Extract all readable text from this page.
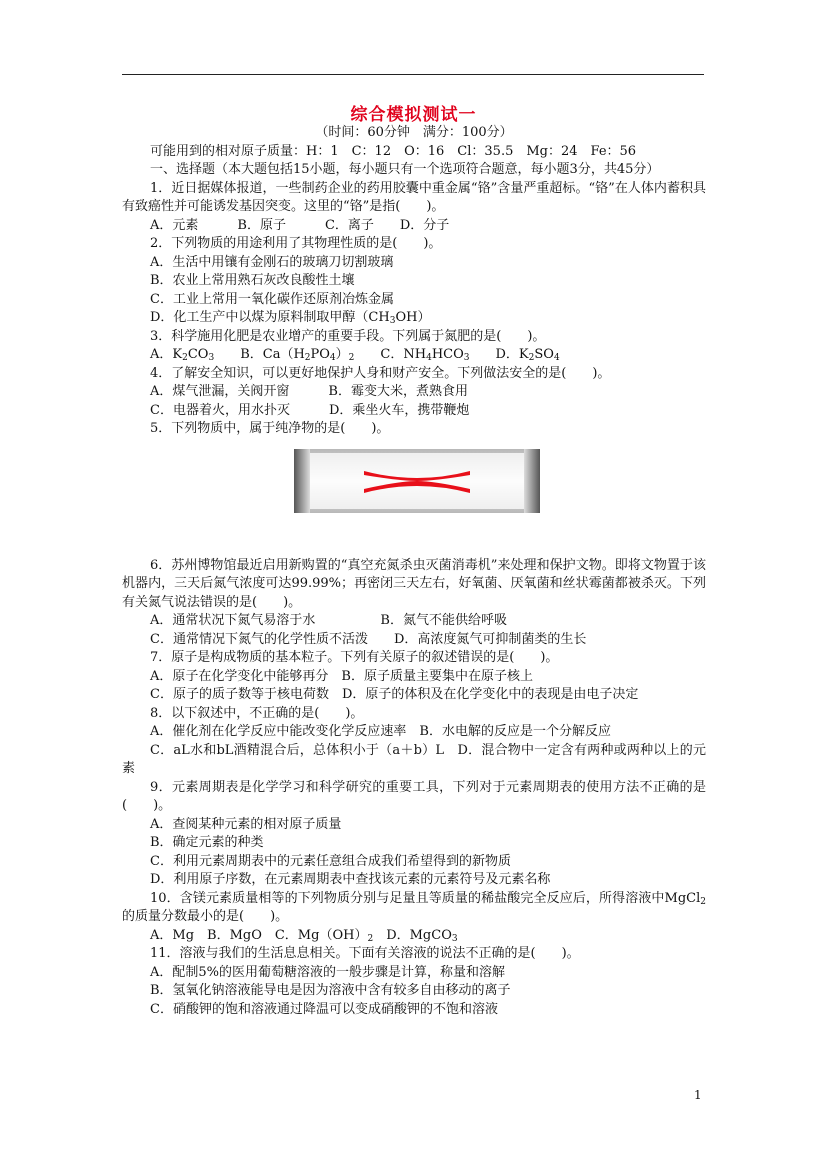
综合模拟测试一

（时间：60分钟　满分：100分）

可能用到的相对原子质量：H：1　C：12　O：16　Cl：35.5　Mg：24　Fe：56

一、选择题（本大题包括15小题，每小题只有一个选项符合题意，每小题3分，共45分）

1．近日据媒体报道，一些制药企业的药用胶囊中重金属“铬”含量严重超标。“铬”在人体内蓄积具有致癌性并可能诱发基因突变。这里的“铬”是指(　　)。

A．元素　　　B．原子　　　C．离子　　D．分子

2．下列物质的用途利用了其物理性质的是(　　)。

A．生活中用镶有金刚石的玻璃刀切割玻璃

B．农业上常用熟石灰改良酸性土壤

C．工业上常用一氧化碳作还原剂冶炼金属

D．化工生产中以煤为原料制取甲醇$(CH_3OH)$

3．科学施用化肥是农业增产的重要手段。下列属于氮肥的是(　　)。

A．$K_2CO_3$　　B．$Ca(H_2PO_4)_2$　　C．$NH_4HCO_3$　　D．$K_2SO_4$

4．了解安全知识，可以更好地保护人身和财产安全。下列做法安全的是(　　)。

A．煤气泄漏，关阀开窗　　　B．霉变大米，煮熟食用

C．电器着火，用水扑灭　　　D．乘坐火车，携带鞭炮

5．下列物质中，属于纯净物的是(　　)。

6．苏州博物馆最近启用新购置的“真空充氮杀虫灭菌消毒机”来处理和保护文物。即将文物置于该机器内，三天后氮气浓度可达99.99%；再密闭三天左右，好氧菌、厌氧菌和丝状霉菌都被杀灭。下列有关氮气说法错误的是(　　)。

A．通常状况下氮气易溶于水　　　　　B．氮气不能供给呼吸

C．通常情况下氮气的化学性质不活泼　　D．高浓度氮气可抑制菌类的生长

7．原子是构成物质的基本粒子。下列有关原子的叙述错误的是(　　)。

A．原子在化学变化中能够再分　B．原子质量主要集中在原子核上

C．原子的质子数等于核电荷数　D．原子的体积及在化学变化中的表现是由电子决定

8．以下叙述中，不正确的是(　　)。

A．催化剂在化学反应中能改变化学反应速率　B．水电解的反应是一个分解反应

C．aL水和bL酒精混合后，总体积小于（a＋b）L　D．混合物中一定含有两种或两种以上的元素

9．元素周期表是化学学习和科学研究的重要工具，下列对于元素周期表的使用方法不正确的是(　　)。

A．查阅某种元素的相对原子质量

B．确定元素的种类

C．利用元素周期表中的元素任意组合成我们希望得到的新物质

D．利用原子序数，在元素周期表中查找该元素的元素符号及元素名称

10．含镁元素质量相等的下列物质分别与足量且等质量的稀盐酸完全反应后，所得溶液中MgCl$_2$的质量分数最小的是(　　)。

A．Mg　B．MgO　C．$Mg(OH)_2$　D．MgCO$_3$

11．溶液与我们的生活息息相关。下面有关溶液的说法不正确的是(　　)。

A．配制5%的医用葡萄糖溶液的一般步骤是计算，称量和溶解

B．氢氧化钠溶液能导电是因为溶液中含有较多自由移动的离子

C．硝酸钾的饱和溶液通过降温可以变成硝酸钾的不饱和溶液

1
